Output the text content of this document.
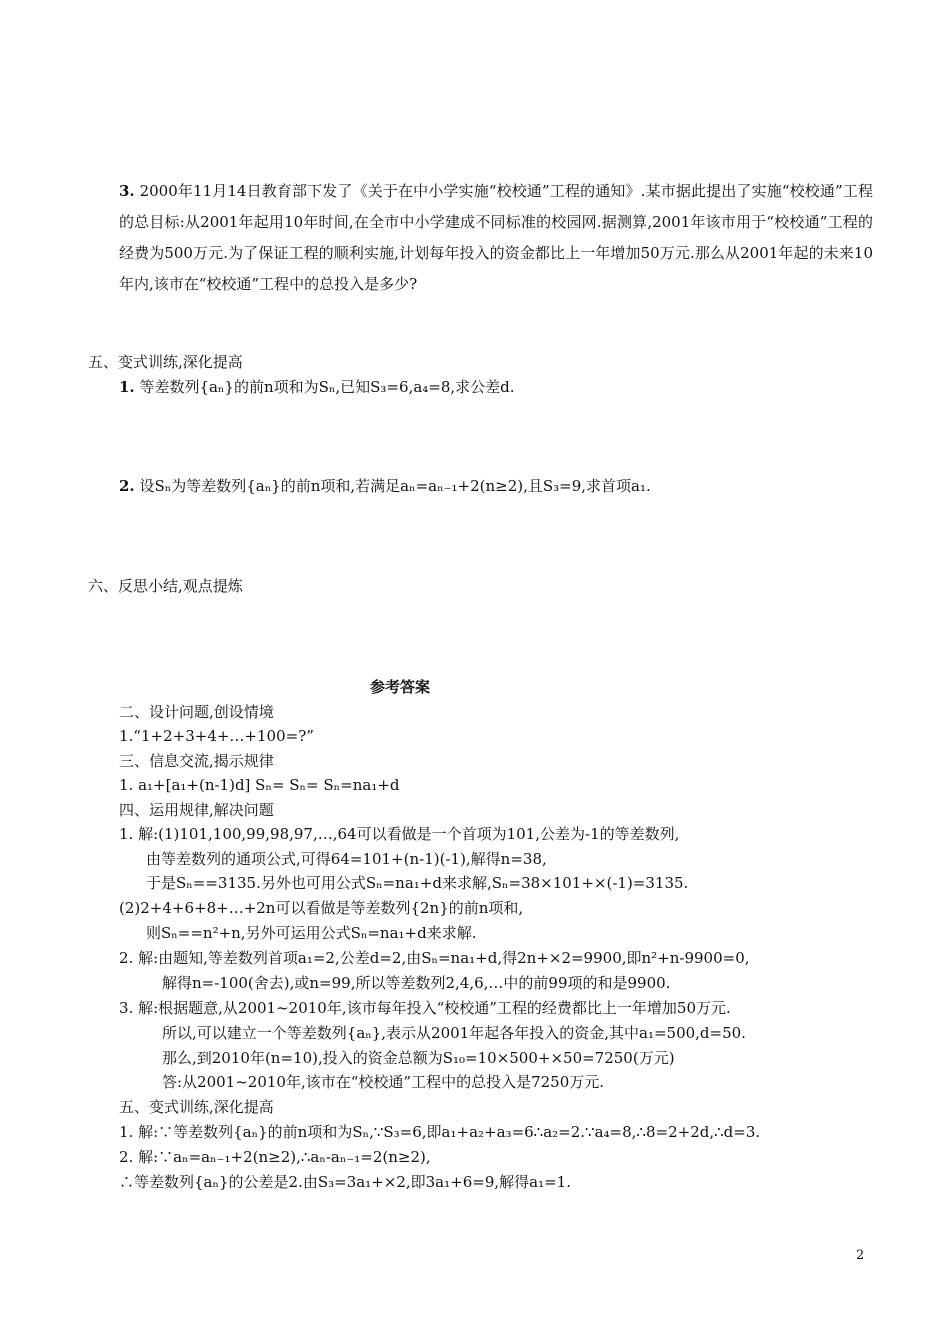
3. 2000年11月14日教育部下发了《关于在中小学实施“校校通”工程的通知》.某市据此提出了实施“校校通”工程的总目标:从2001年起用10年时间,在全市中小学建成不同标准的校园网.据测算,2001年该市用于“校校通”工程的经费为500万元.为了保证工程的顺利实施,计划每年投入的资金都比上一年增加50万元.那么从2001年起的未来10年内,该市在“校校通”工程中的总投入是多少?
五、变式训练,深化提高
1. 等差数列{aₙ}的前n项和为Sₙ,已知S₃=6,a₄=8,求公差d.
2. 设Sₙ为等差数列{aₙ}的前n项和,若满足aₙ=aₙ₋₁+2(n≥2),且S₃=9,求首项a₁.
六、反思小结,观点提炼
参考答案
二、设计问题,创设情境
1.“1+2+3+4+…+100=?”
三、信息交流,揭示规律
1. a₁+[a₁+(n-1)d] Sₙ= Sₙ= Sₙ=na₁+d
四、运用规律,解决问题
1. 解:(1)101,100,99,98,97,…,64可以看做是一个首项为101,公差为-1的等差数列,
由等差数列的通项公式,可得64=101+(n-1)(-1),解得n=38,
于是Sₙ==3135.另外也可用公式Sₙ=na₁+d来求解,Sₙ=38×101+×(-1)=3135.
(2)2+4+6+8+…+2n可以看做是等差数列{2n}的前n项和,
则Sₙ==n²+n,另外可运用公式Sₙ=na₁+d来求解.
2. 解:由题知,等差数列首项a₁=2,公差d=2,由Sₙ=na₁+d,得2n+×2=9900,即n²+n-9900=0,
解得n=-100(舍去),或n=99,所以等差数列2,4,6,…中的前99项的和是9900.
3. 解:根据题意,从2001~2010年,该市每年投入“校校通”工程的经费都比上一年增加50万元.
所以,可以建立一个等差数列{aₙ},表示从2001年起各年投入的资金,其中a₁=500,d=50.
那么,到2010年(n=10),投入的资金总额为S₁₀=10×500+×50=7250(万元)
答:从2001~2010年,该市在“校校通”工程中的总投入是7250万元.
五、变式训练,深化提高
1. 解:∵等差数列{aₙ}的前n项和为Sₙ,∵S₃=6,即a₁+a₂+a₃=6∴a₂=2.∵a₄=8,∴8=2+2d,∴d=3.
2. 解:∵aₙ=aₙ₋₁+2(n≥2),∴aₙ-aₙ₋₁=2(n≥2),
∴等差数列{aₙ}的公差是2.由S₃=3a₁+×2,即3a₁+6=9,解得a₁=1.
2
